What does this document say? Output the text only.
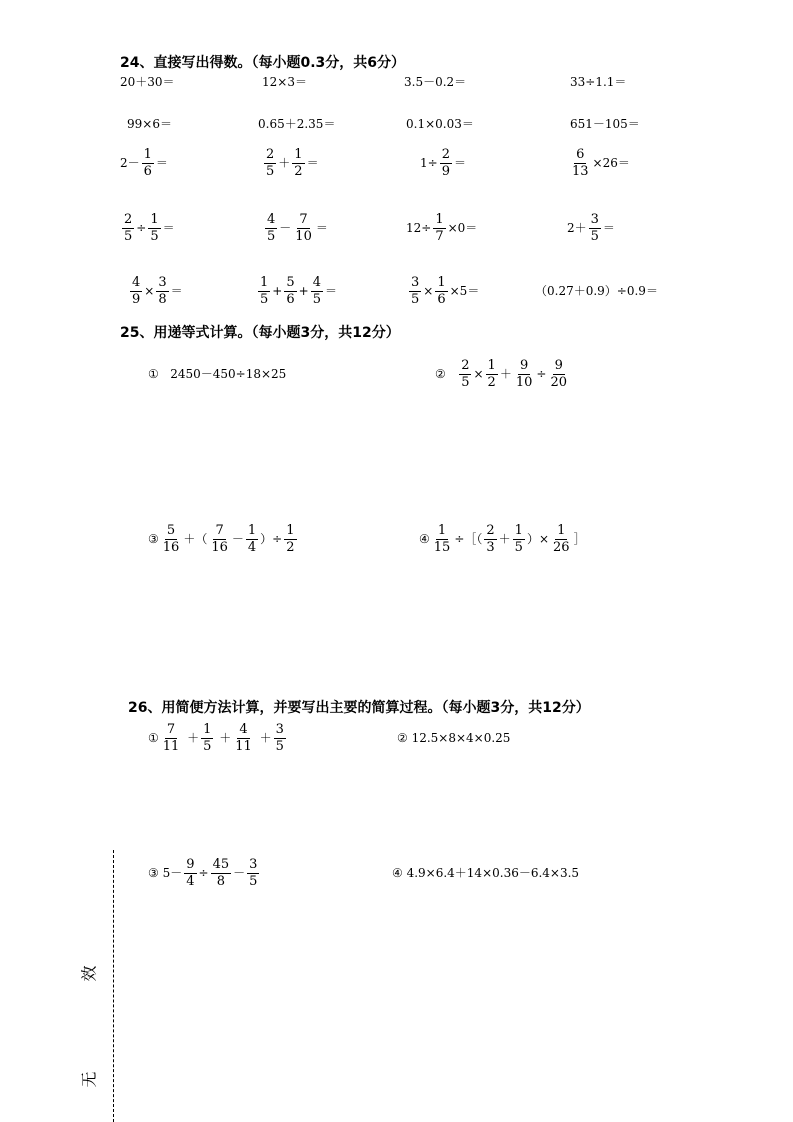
24、直接写出得数。（每小题0.3分，共6分）
25、用递等式计算。（每小题3分，共12分）
26、用简便方法计算，并要写出主要的简算过程。（每小题3分，共12分）
20＋30＝	12×3＝	3.5－0.2＝	33÷1.1＝
99×6＝	0.65＋2.35＝	0.1×0.03＝	651－105＝
$2- \frac{1}{6}$ ＝	$\frac{2}{5} + \frac{1}{2}$ ＝	$1\div \frac{2}{9}$ ＝	$\frac{6}{13} \times 26=$
$\frac{2}{5} \div \frac{1}{5}$ ＝	$\frac{4}{5} - \frac{7}{10}$ ＝	$12\div \frac{1}{7} \times 0=$	$2+ \frac{3}{5}$ ＝
$\frac{4}{9} \times \frac{3}{8}$ ＝	$\frac{1}{5} + \frac{5}{6} + \frac{4}{5}$ ＝	$\frac{3}{5} \times \frac{1}{6} \times 5=$	（0.27＋0.9）÷0.9＝
① 2450－450÷18×25	② $\frac{2}{5} \times \frac{1}{2} + \frac{9}{10} \div \frac{9}{20}$
③ $\frac{5}{16}$ ＋（ $\frac{7}{16} - \frac{1}{4}$ ）÷ $\frac{1}{2}$	④ $\frac{1}{15}$ ÷［（ $\frac{2}{3} + \frac{1}{5}$ ）× $\frac{1}{26}$ ］
① $\frac{7}{11} + \frac{1}{5} + \frac{4}{11} + \frac{3}{5}$	② 12.5×8×4×0.25
③ $5- \frac{9}{4} \div \frac{45}{8} - \frac{3}{5}$	④ 4.9×6.4＋14×0.36－6.4×3.5
效
无
